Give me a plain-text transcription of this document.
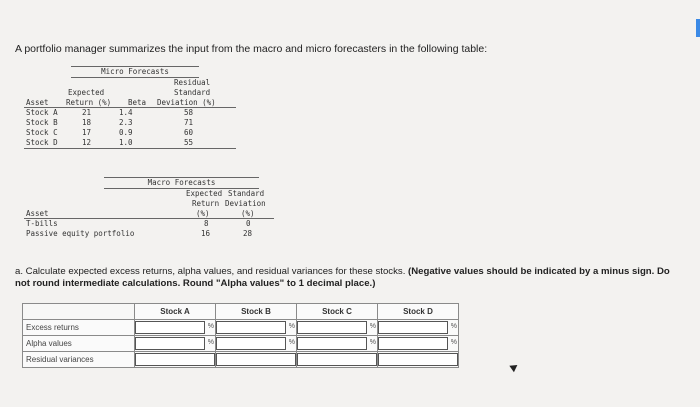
A portfolio manager summarizes the input from the macro and micro forecasters in the following table:
Micro Forecasts
Residual
Expected	Standard
Asset Return (%) Beta Deviation (%)
Stock A	21	1.4	58
Stock B	18	2.3	71
Stock C	17	0.9	60
Stock D	12	1.0	55
Macro Forecasts
Expected Standard
Return Deviation
Asset	(%)	(%)
T-bills	8	0
Passive equity portfolio	16	28
a. Calculate expected excess returns, alpha values, and residual variances for these stocks. (Negative values should be indicated by a minus sign. Do not round intermediate calculations. Round "Alpha values" to 1 decimal place.)
	Stock A	Stock B	Stock C	Stock D
Excess returns	%	%	%	%

Alpha values	%	%	%	%

Residual variances	
